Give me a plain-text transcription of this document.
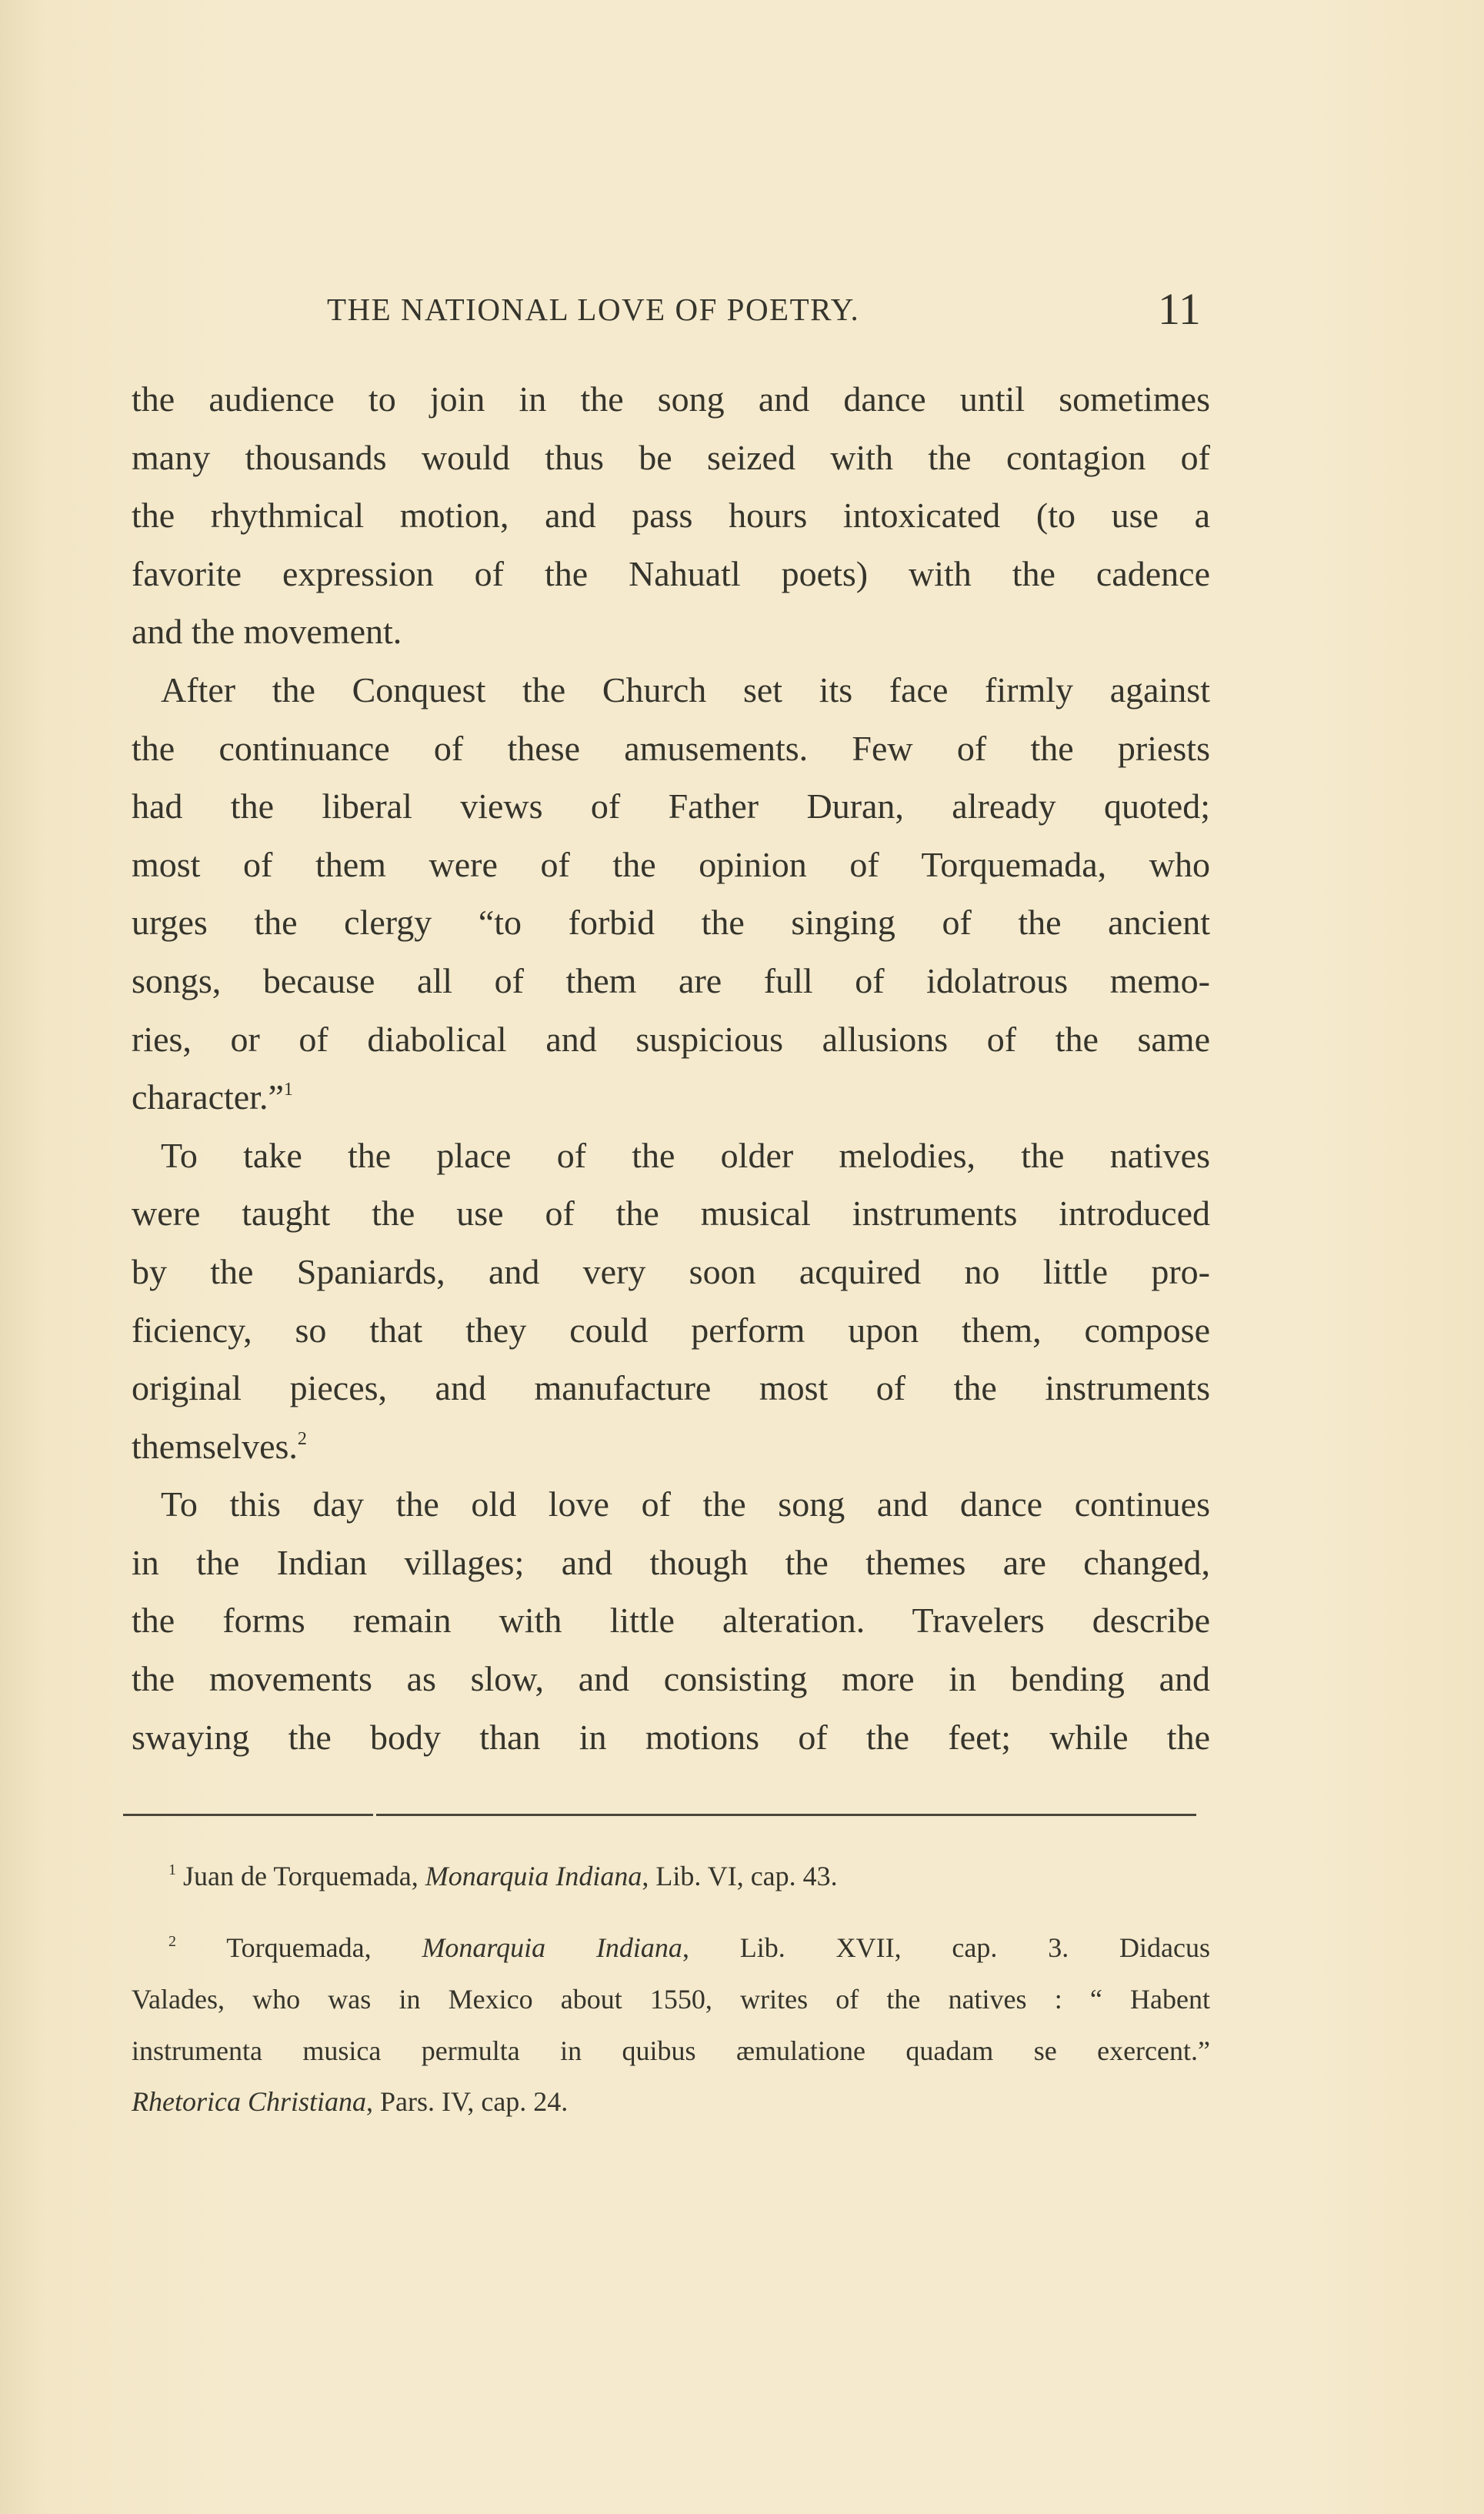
THE NATIONAL LOVE OF POETRY.	11
the audience to join in the song and dance until sometimes
many thousands would thus be seized with the contagion of
the rhythmical motion, and pass hours intoxicated (to use a
favorite expression of the Nahuatl poets) with the cadence
and the movement.
After the Conquest the Church set its face firmly against
the continuance of these amusements. Few of the priests
had the liberal views of Father Duran, already quoted;
most of them were of the opinion of Torquemada, who
urges the clergy “to forbid the singing of the ancient
songs, because all of them are full of idolatrous memo-
ries, or of diabolical and suspicious allusions of the same
character.”$^1$
To take the place of the older melodies, the natives
were taught the use of the musical instruments introduced
by the Spaniards, and very soon acquired no little pro-
ficiency, so that they could perform upon them, compose
original pieces, and manufacture most of the instruments
themselves.$^2$
To this day the old love of the song and dance continues
in the Indian villages; and though the themes are changed,
the forms remain with little alteration. Travelers describe
the movements as slow, and consisting more in bending and
swaying the body than in motions of the feet; while the
$^1$ Juan de Torquemada, Monarquia Indiana, Lib. VI, cap. 43.
$^2$ Torquemada, Monarquia Indiana, Lib. XVII, cap. 3. Didacus
Valades, who was in Mexico about 1550, writes of the natives : “ Habent
instrumenta musica permulta in quibus æmulatione quadam se exercent.”
Rhetorica Christiana, Pars. IV, cap. 24.
